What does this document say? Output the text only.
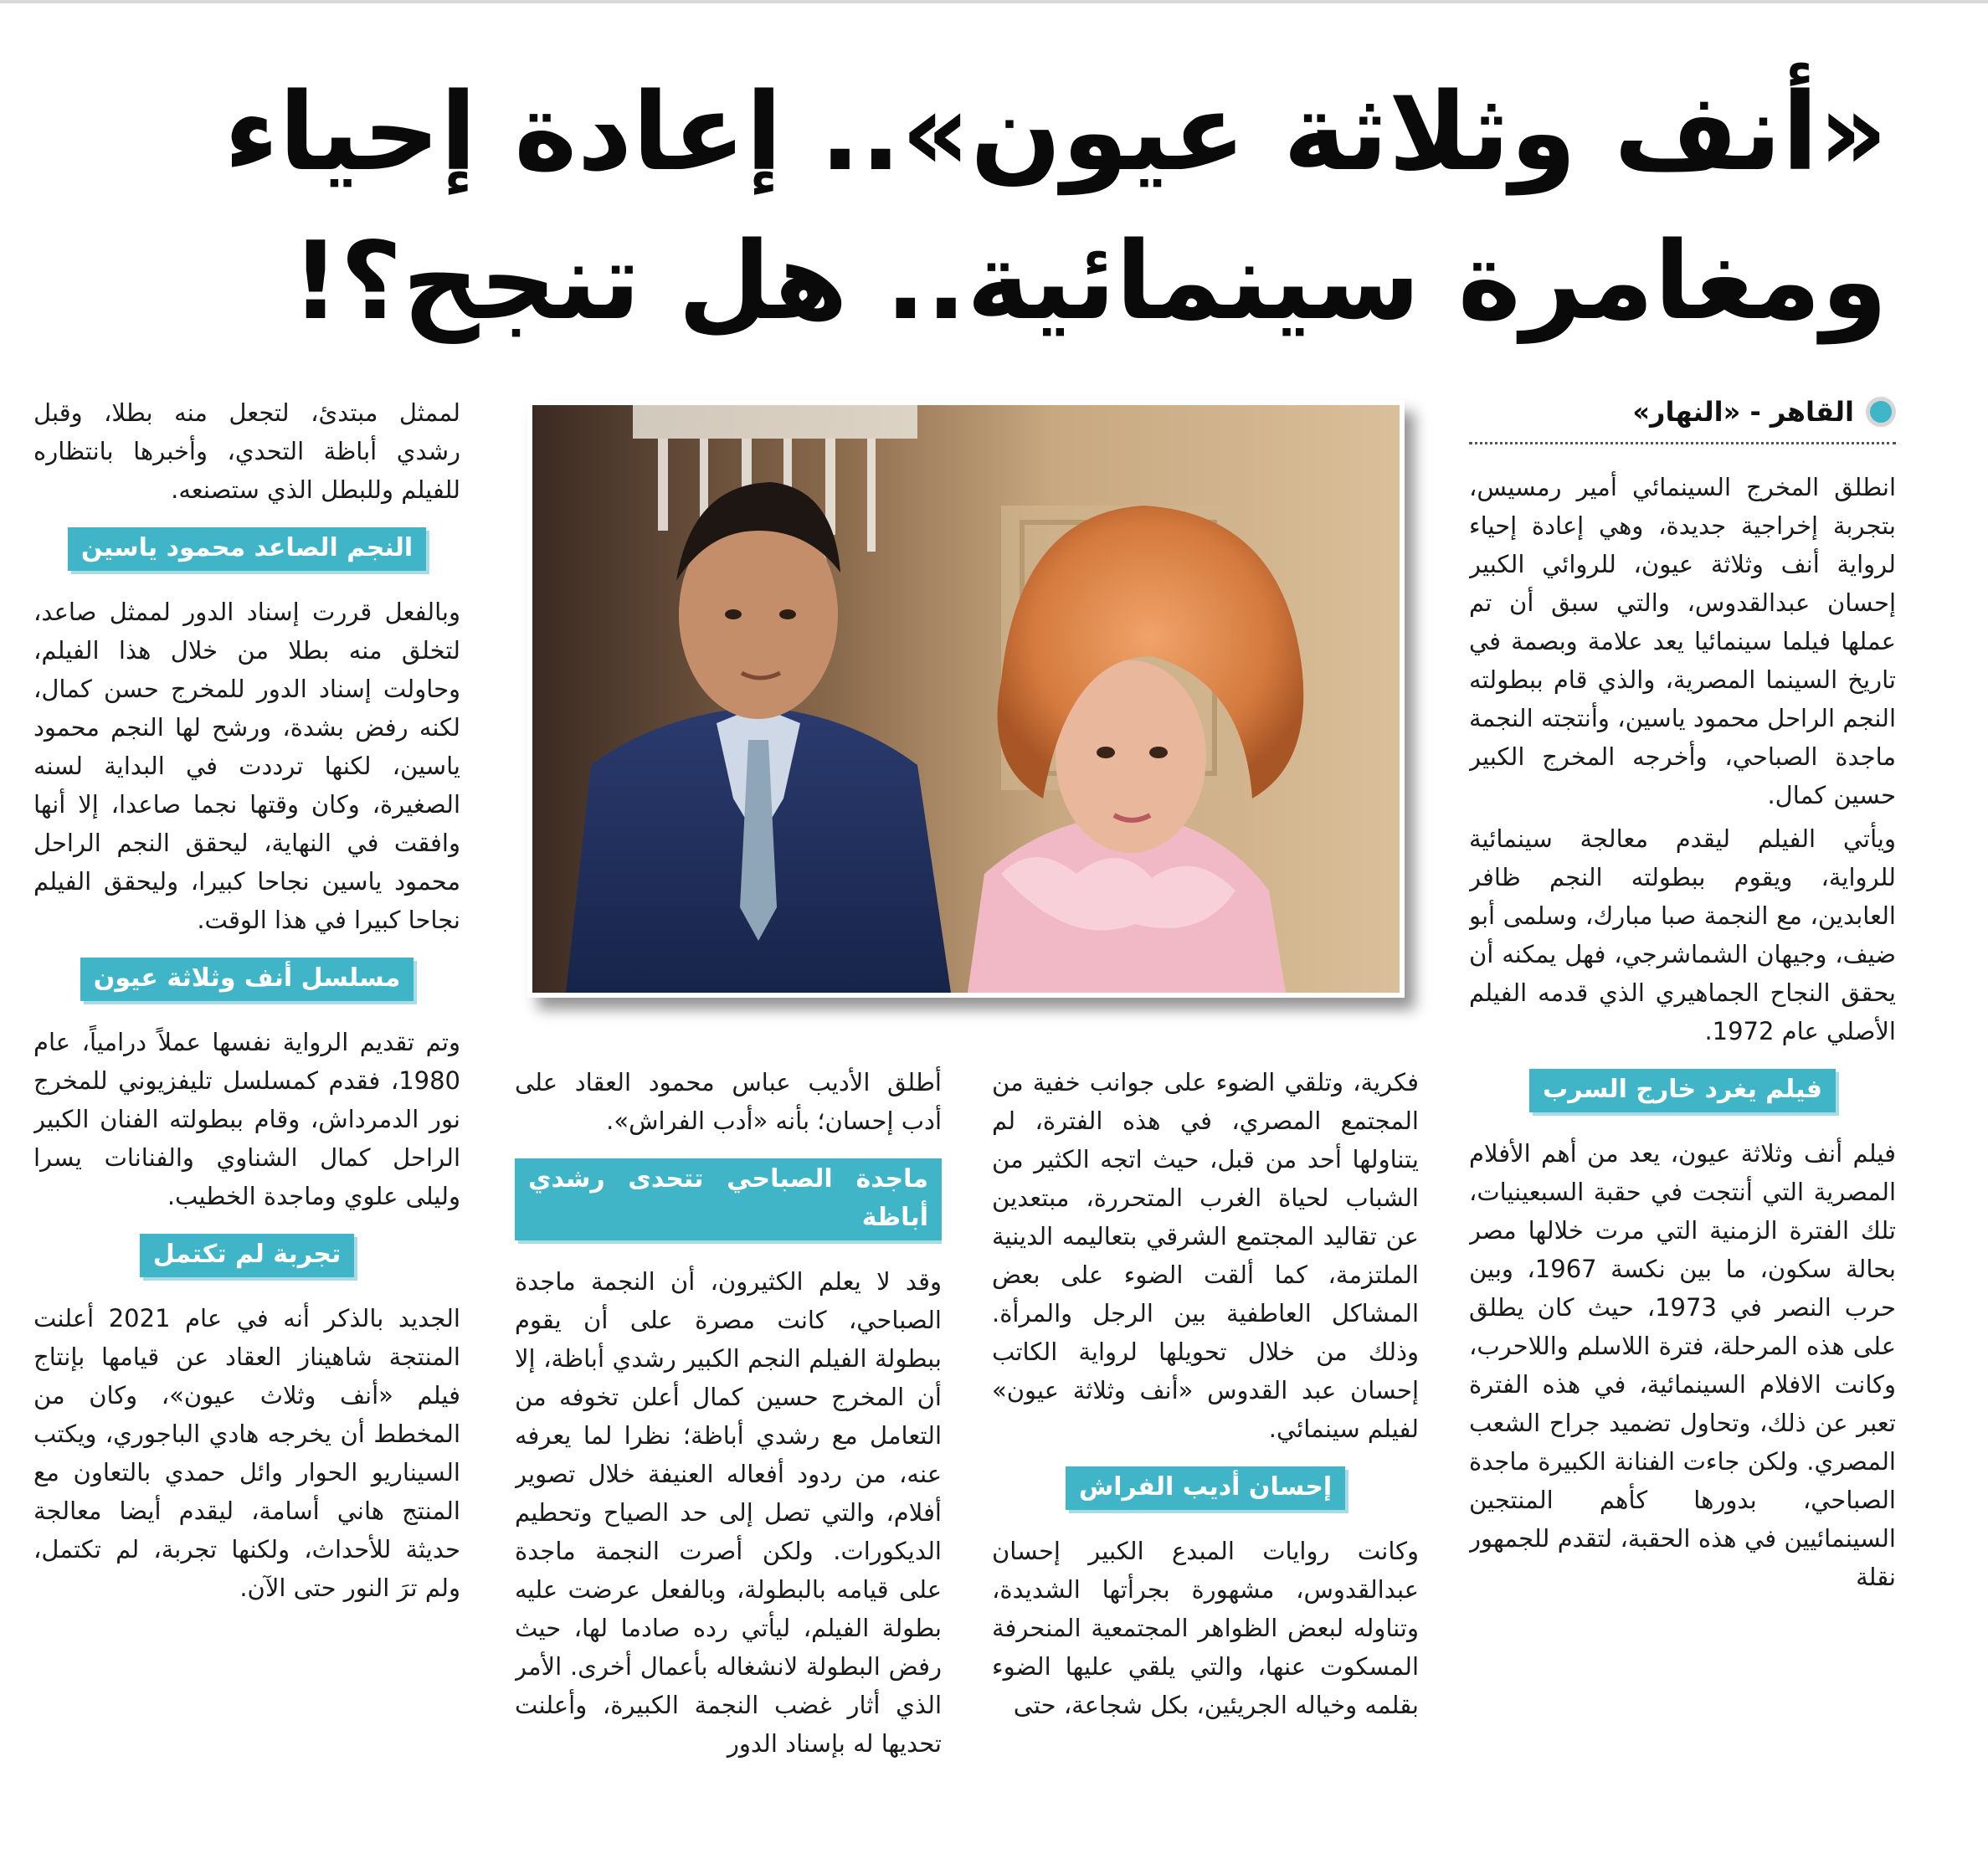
«أنف وثلاثة عيون».. إعادة إحياء ومغامرة سينمائية.. هل تنجح؟!
القاهر - «النهار»

انطلق المخرج السينمائي أمير رمسيس، بتجربة إخراجية جديدة، وهي إعادة إحياء لرواية أنف وثلاثة عيون، للروائي الكبير إحسان عبدالقدوس، والتي سبق أن تم عملها فيلما سينمائيا يعد علامة وبصمة في تاريخ السينما المصرية، والذي قام ببطولته النجم الراحل محمود ياسين، وأنتجته النجمة ماجدة الصباحي، وأخرجه المخرج الكبير حسين كمال.

ويأتي الفيلم ليقدم معالجة سينمائية للرواية، ويقوم ببطولته النجم ظافر العابدين، مع النجمة صبا مبارك، وسلمى أبو ضيف، وجيهان الشماشرجي، فهل يمكنه أن يحقق النجاح الجماهيري الذي قدمه الفيلم الأصلي عام 1972.

فيلم يغرد خارج السرب

فيلم أنف وثلاثة عيون، يعد من أهم الأفلام المصرية التي أنتجت في حقبة السبعينيات، تلك الفترة الزمنية التي مرت خلالها مصر بحالة سكون، ما بين نكسة 1967، وبين حرب النصر في 1973، حيث كان يطلق على هذه المرحلة، فترة اللاسلم واللاحرب، وكانت الافلام السينمائية، في هذه الفترة تعبر عن ذلك، وتحاول تضميد جراح الشعب المصري. ولكن جاءت الفنانة الكبيرة ماجدة الصباحي، بدورها كأهم المنتجين السينمائيين في هذه الحقبة، لتقدم للجمهور نقلة

فكرية، وتلقي الضوء على جوانب خفية من المجتمع المصري، في هذه الفترة، لم يتناولها أحد من قبل، حيث اتجه الكثير من الشباب لحياة الغرب المتحررة، مبتعدين عن تقاليد المجتمع الشرقي بتعاليمه الدينية الملتزمة، كما ألقت الضوء على بعض المشاكل العاطفية بين الرجل والمرأة. وذلك من خلال تحويلها لرواية الكاتب إحسان عبد القدوس «أنف وثلاثة عيون» لفيلم سينمائي.

إحسان أديب الفراش

وكانت روايات المبدع الكبير إحسان عبدالقدوس، مشهورة بجرأتها الشديدة، وتناوله لبعض الظواهر المجتمعية المنحرفة المسكوت عنها، والتي يلقي عليها الضوء بقلمه وخياله الجريئين، بكل شجاعة، حتى

أطلق الأديب عباس محمود العقاد على أدب إحسان؛ بأنه «أدب الفراش».

ماجدة الصباحي تتحدى رشدي أباظة

وقد لا يعلم الكثيرون، أن النجمة ماجدة الصباحي، كانت مصرة على أن يقوم ببطولة الفيلم النجم الكبير رشدي أباظة، إلا أن المخرج حسين كمال أعلن تخوفه من التعامل مع رشدي أباظة؛ نظرا لما يعرفه عنه، من ردود أفعاله العنيفة خلال تصوير أفلام، والتي تصل إلى حد الصياح وتحطيم الديكورات. ولكن أصرت النجمة ماجدة على قيامه بالبطولة، وبالفعل عرضت عليه بطولة الفيلم، ليأتي رده صادما لها، حيث رفض البطولة لانشغاله بأعمال أخرى. الأمر الذي أثار غضب النجمة الكبيرة، وأعلنت تحديها له بإسناد الدور

لممثل مبتدئ، لتجعل منه بطلا، وقبل رشدي أباظة التحدي، وأخبرها بانتظاره للفيلم وللبطل الذي ستصنعه.

النجم الصاعد محمود ياسين

وبالفعل قررت إسناد الدور لممثل صاعد، لتخلق منه بطلا من خلال هذا الفيلم، وحاولت إسناد الدور للمخرج حسن كمال، لكنه رفض بشدة، ورشح لها النجم محمود ياسين، لكنها ترددت في البداية لسنه الصغيرة، وكان وقتها نجما صاعدا، إلا أنها وافقت في النهاية، ليحقق النجم الراحل محمود ياسين نجاحا كبيرا، وليحقق الفيلم نجاحا كبيرا في هذا الوقت.

مسلسل أنف وثلاثة عيون

وتم تقديم الرواية نفسها عملاً درامياً، عام 1980، فقدم كمسلسل تليفزيوني للمخرج نور الدمرداش، وقام ببطولته الفنان الكبير الراحل كمال الشناوي والفنانات يسرا وليلى علوي وماجدة الخطيب.

تجربة لم تكتمل

الجديد بالذكر أنه في عام 2021 أعلنت المنتجة شاهيناز العقاد عن قيامها بإنتاج فيلم «أنف وثلاث عيون»، وكان من المخطط أن يخرجه هادي الباجوري، ويكتب السيناريو الحوار وائل حمدي بالتعاون مع المنتج هاني أسامة، ليقدم أيضا معالجة حديثة للأحداث، ولكنها تجربة، لم تكتمل، ولم ترَ النور حتى الآن.
